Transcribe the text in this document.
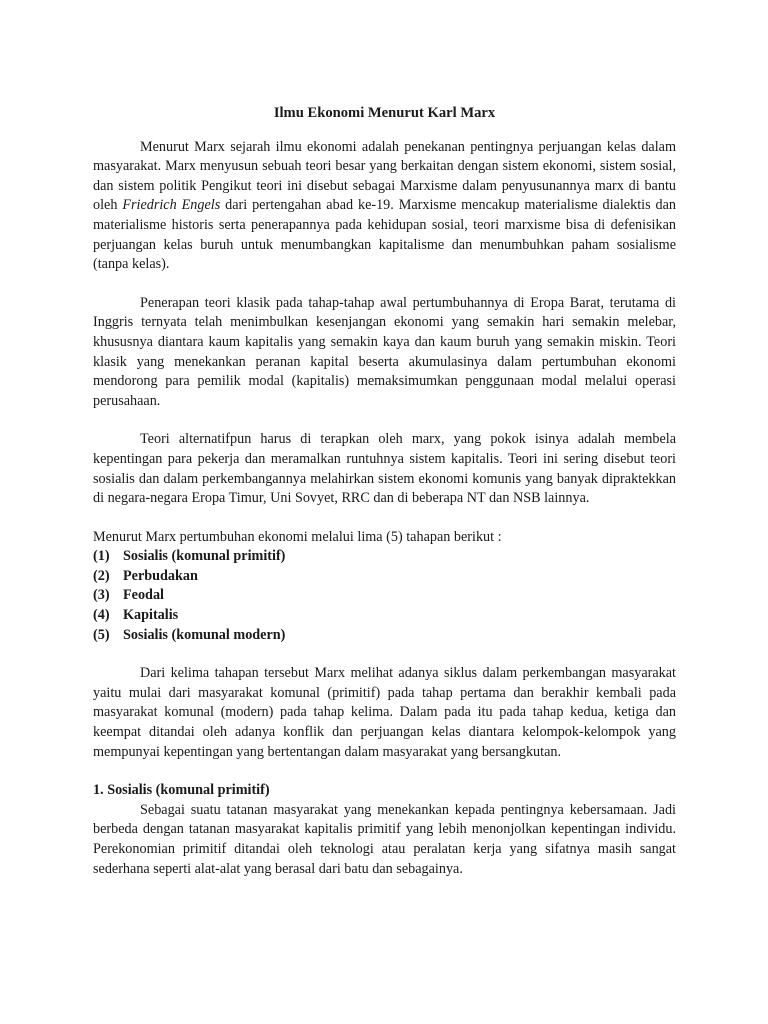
Ilmu Ekonomi Menurut Karl Marx

Menurut Marx sejarah ilmu ekonomi adalah penekanan pentingnya perjuangan kelas dalam masyarakat. Marx menyusun sebuah teori besar yang berkaitan dengan sistem ekonomi, sistem sosial, dan sistem politik Pengikut teori ini disebut sebagai Marxisme dalam penyusunannya marx di bantu oleh Friedrich Engels dari pertengahan abad ke-19. Marxisme mencakup materialisme dialektis dan materialisme historis serta penerapannya pada kehidupan sosial, teori marxisme bisa di defenisikan perjuangan kelas buruh untuk menumbangkan kapitalisme dan menumbuhkan paham sosialisme (tanpa kelas).

Penerapan teori klasik pada tahap-tahap awal pertumbuhannya di Eropa Barat, terutama di Inggris ternyata telah menimbulkan kesenjangan ekonomi yang semakin hari semakin melebar, khususnya diantara kaum kapitalis yang semakin kaya dan kaum buruh yang semakin miskin. Teori klasik yang menekankan peranan kapital beserta akumulasinya dalam pertumbuhan ekonomi mendorong para pemilik modal (kapitalis) memaksimumkan penggunaan modal melalui operasi perusahaan.

Teori alternatifpun harus di terapkan oleh marx, yang pokok isinya adalah membela kepentingan para pekerja dan meramalkan runtuhnya sistem kapitalis. Teori ini sering disebut teori sosialis dan dalam perkembangannya melahirkan sistem ekonomi komunis yang banyak dipraktekkan di negara-negara Eropa Timur, Uni Sovyet, RRC dan di beberapa NT dan NSB lainnya.

Menurut Marx pertumbuhan ekonomi melalui lima (5) tahapan berikut :

(1) Sosialis (komunal primitif)
(2) Perbudakan
(3) Feodal
(4) Kapitalis
(5) Sosialis (komunal modern)

Dari kelima tahapan tersebut Marx melihat adanya siklus dalam perkembangan masyarakat yaitu mulai dari masyarakat komunal (primitif) pada tahap pertama dan berakhir kembali pada masyarakat komunal (modern) pada tahap kelima. Dalam pada itu pada tahap kedua, ketiga dan keempat ditandai oleh adanya konflik dan perjuangan kelas diantara kelompok-kelompok yang mempunyai kepentingan yang bertentangan dalam masyarakat yang bersangkutan.

1. Sosialis (komunal primitif)

Sebagai suatu tatanan masyarakat yang menekankan kepada pentingnya kebersamaan. Jadi berbeda dengan tatanan masyarakat kapitalis primitif yang lebih menonjolkan kepentingan individu. Perekonomian primitif ditandai oleh teknologi atau peralatan kerja yang sifatnya masih sangat sederhana seperti alat-alat yang berasal dari batu dan sebagainya.
